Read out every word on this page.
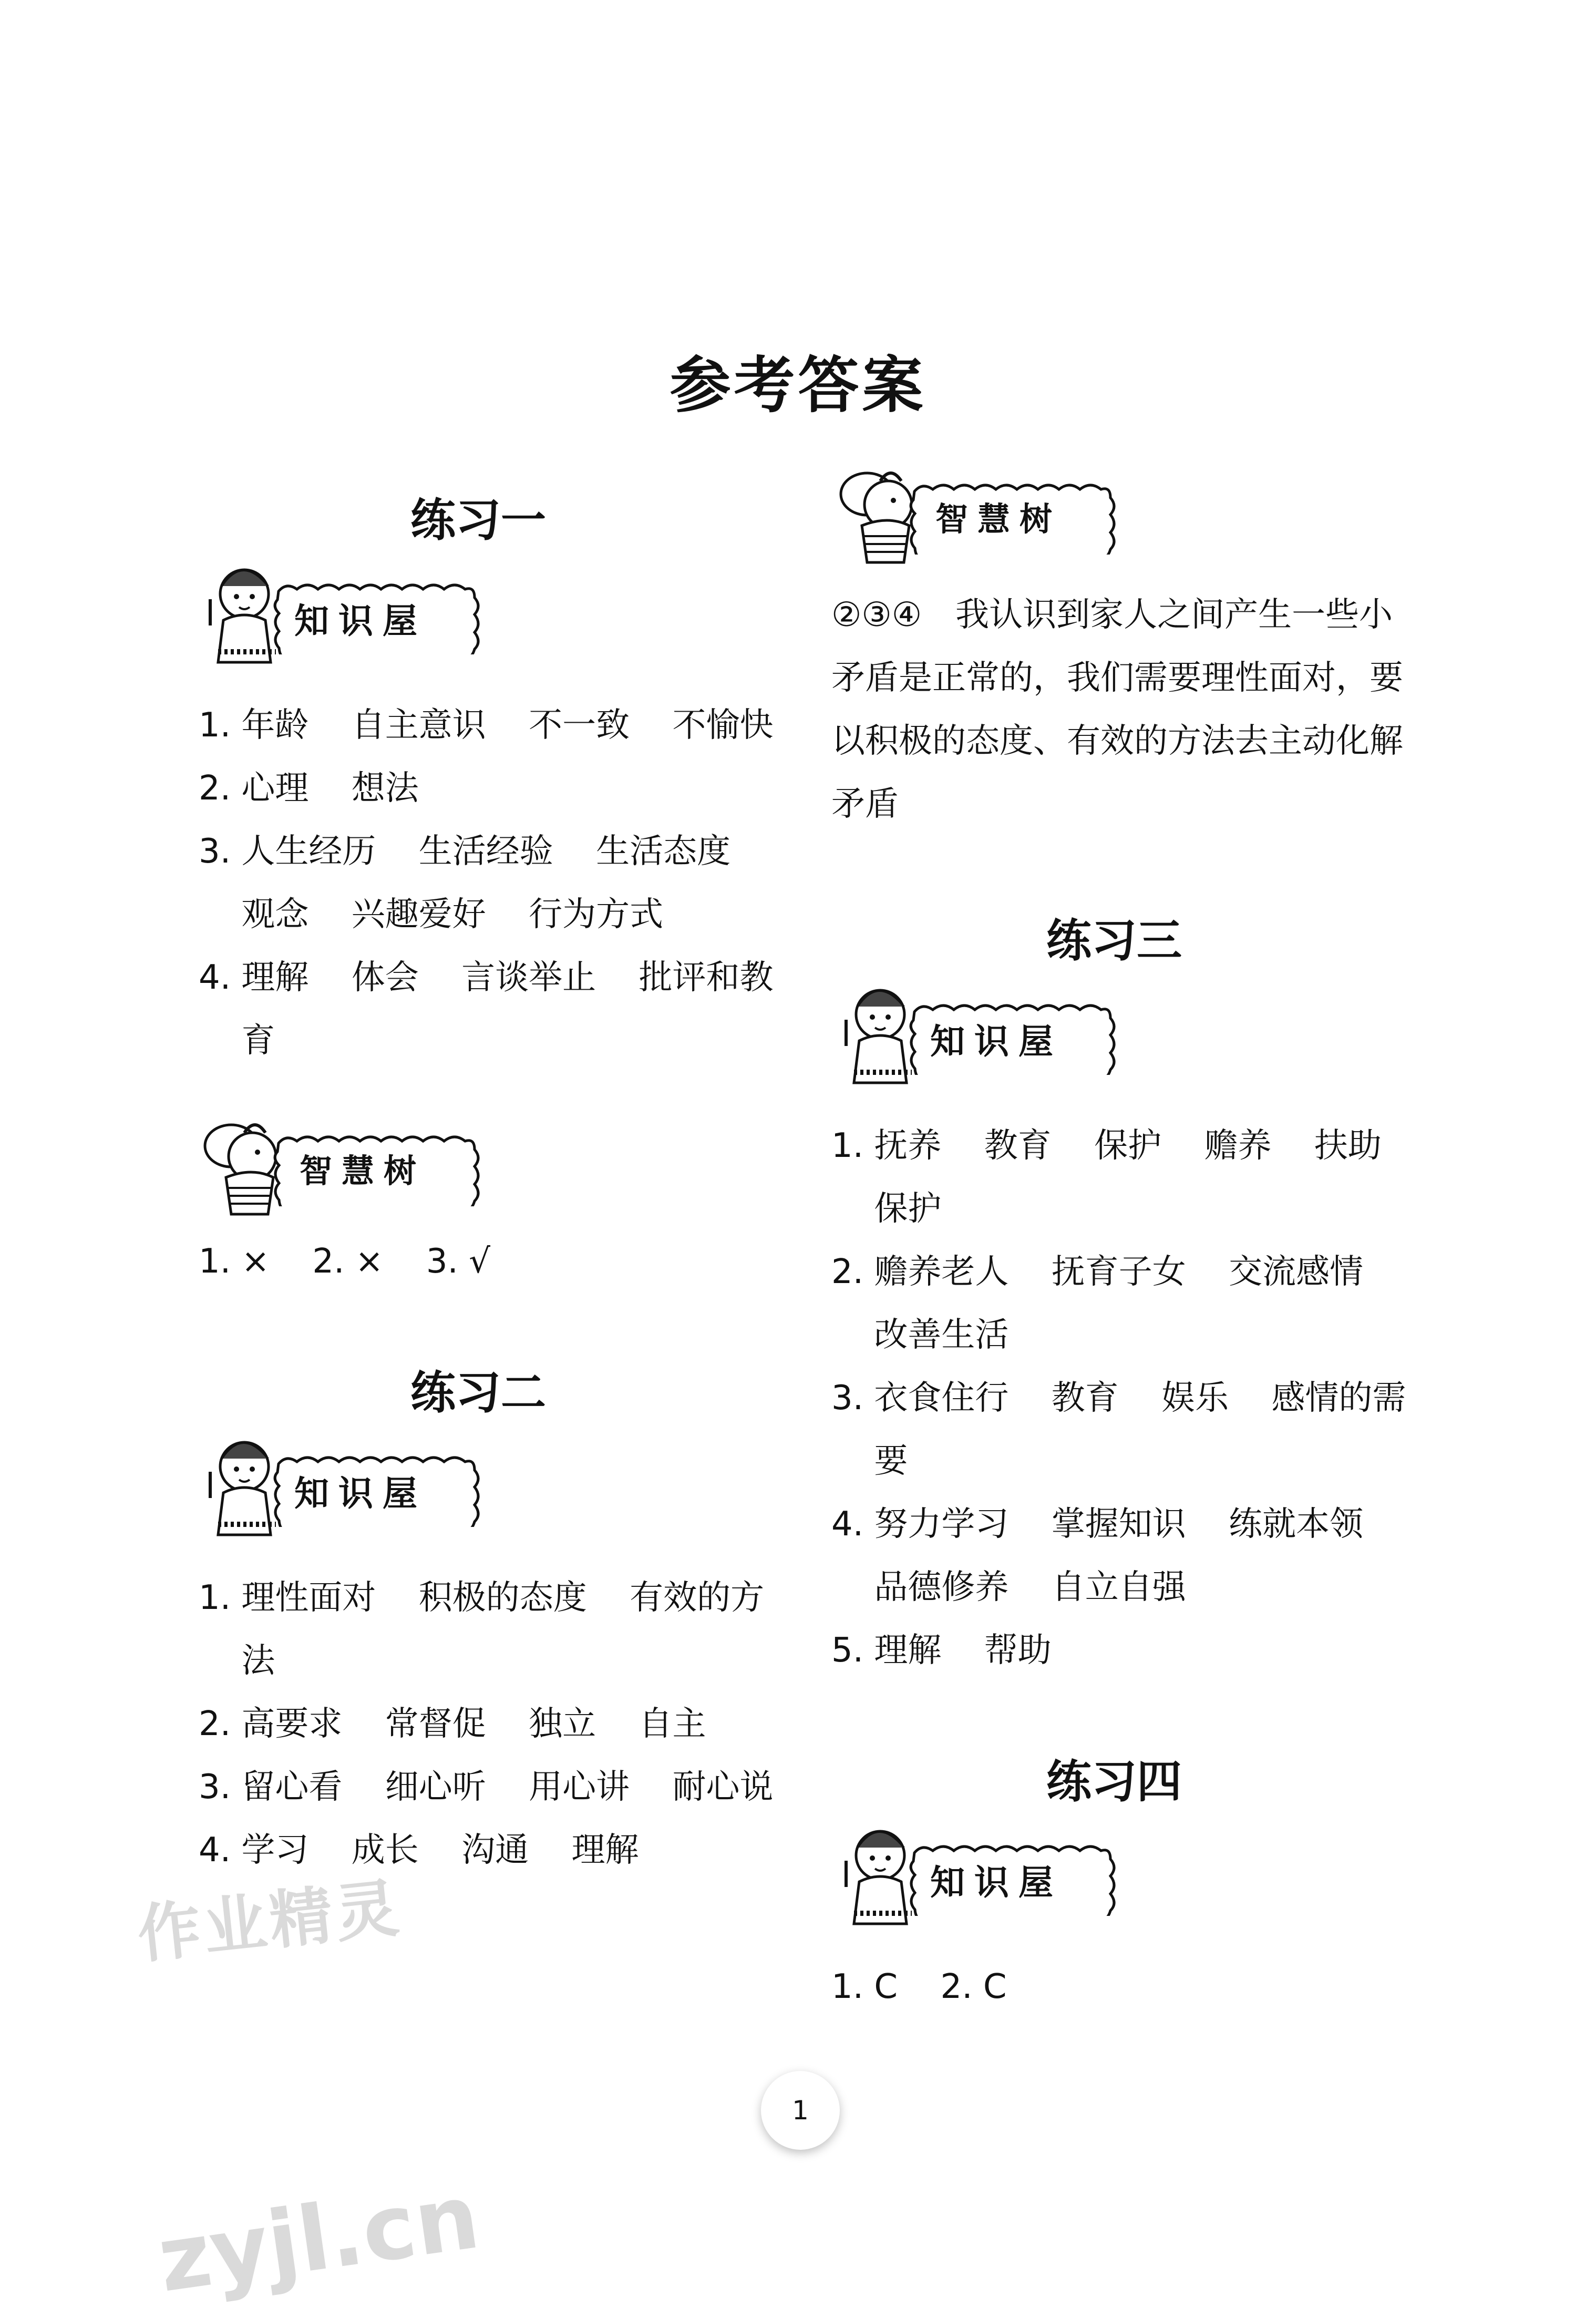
参考答案
练习一
知识屋
1. 年龄    自主意识    不一致    不愉快
2. 心理    想法
3. 人生经历    生活经验    生活态度
观念    兴趣爱好    行为方式
4. 理解    体会    言谈举止    批评和教
育
智慧树
1. ×    2. ×    3. √
练习二
知识屋
1. 理性面对    积极的态度    有效的方
法
2. 高要求    常督促    独立    自主
3. 留心看    细心听    用心讲    耐心说
4. 学习    成长    沟通    理解
作业精灵
智慧树
②③④　我认识到家人之间产生一些小矛盾是正常的，我们需要理性面对，要以积极的态度、有效的方法去主动化解矛盾
练习三
知识屋
1. 抚养    教育    保护    赡养    扶助
保护
2. 赡养老人    抚育子女    交流感情
改善生活
3. 衣食住行    教育    娱乐    感情的需
要
4. 努力学习    掌握知识    练就本领
品德修养    自立自强
5. 理解    帮助
练习四
知识屋
1. C    2. C
1
zyjl.cn
